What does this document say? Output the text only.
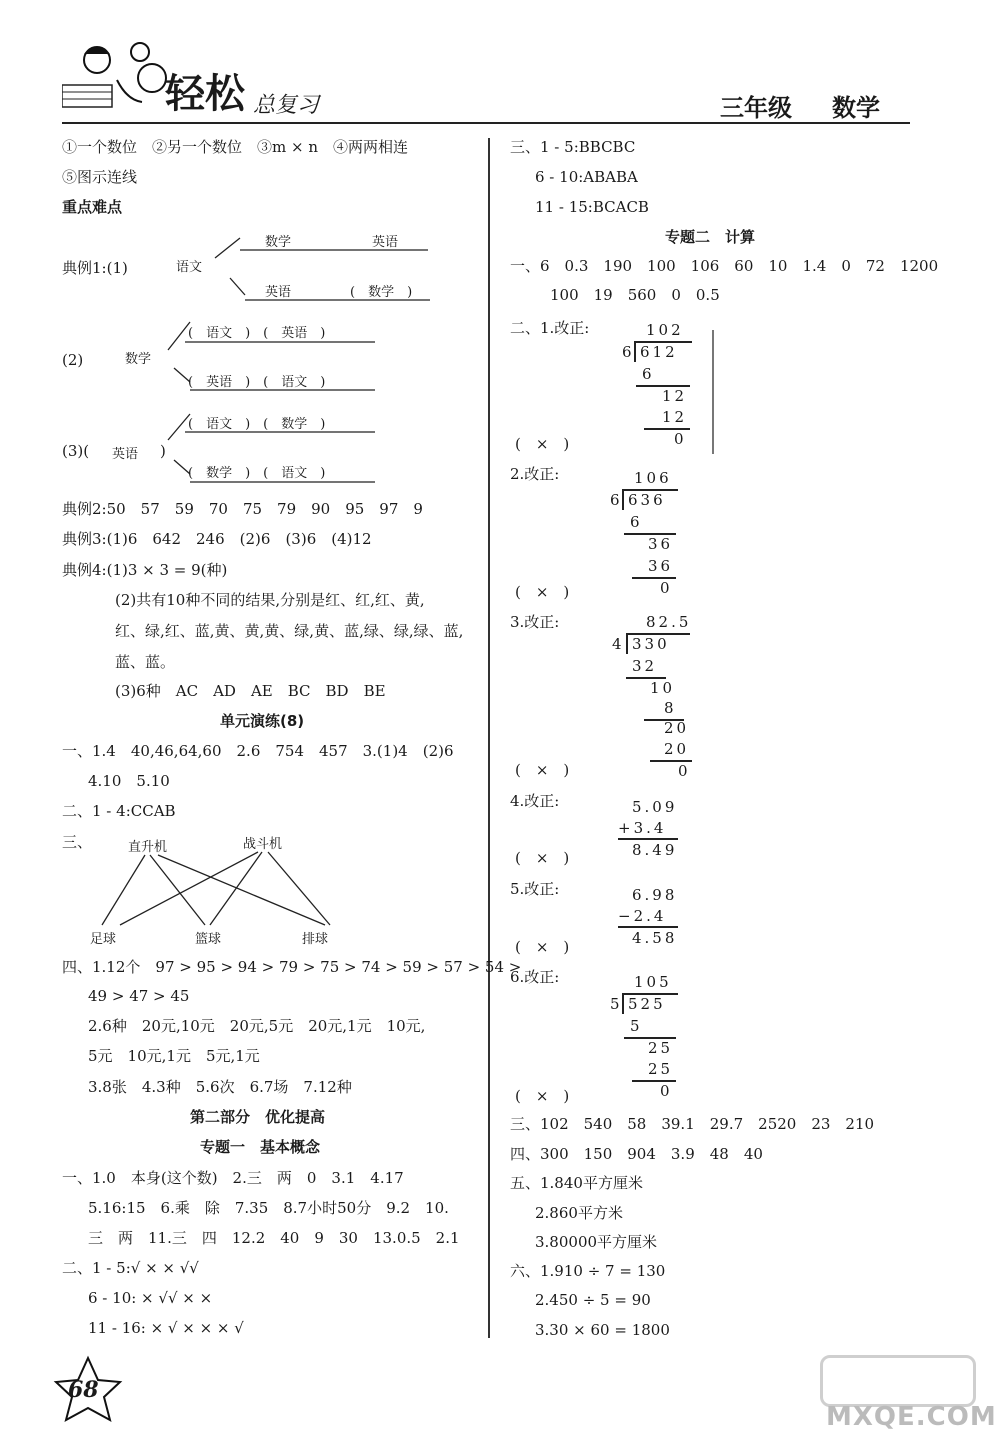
轻松 总复习	三年级 数学
①一个数位　②另一个数位　③m × n　④两两相连
⑤图示连线
重点难点
典例1:(1)	语文
数学	英语
英语	(　数学　)
(2)	数学
(　语文　)　(　英语　)
(　英语　)　(　语文　)
(3)( 英语 )
(　语文　)　(　数学　)
(　数学　)　(　语文　)
典例2:50　57　59　70　75　79　90　95　97　9
典例3:(1)6　642　246　(2)6　(3)6　(4)12
典例4:(1)3 × 3 = 9(种)
(2)共有10种不同的结果,分别是红、红,红、黄,
红、绿,红、蓝,黄、黄,黄、绿,黄、蓝,绿、绿,绿、蓝,
蓝、蓝。
(3)6种　AC　AD　AE　BC　BD　BE
单元演练(8)
一、1.4　40,46,64,60　2.6　754　457　3.(1)4　(2)6
4.10　5.10
二、1 - 4:CCAB
三、	直升机	战斗机
足球	篮球	排球
四、1.12个　97 > 95 > 94 > 79 > 75 > 74 > 59 > 57 > 54 >
49 > 47 > 45
2.6种　20元,10元　20元,5元　20元,1元　10元,
5元　10元,1元　5元,1元
3.8张　4.3种　5.6次　6.7场　7.12种
第二部分　优化提高
专题一　基本概念
一、1.0　本身(这个数)　2.三　两　0　3.1　4.17
5.16:15　6.乘　除　7.35　8.7小时50分　9.2　10.
三　两　11.三　四　12.2　40　9　30　13.0.5　2.1
二、1 - 5:√ × × √√
6 - 10: × √√ × ×
11 - 16: × √ × × × √
68
三、1 - 5:BBCBC
6 - 10:ABABA
11 - 15:BCACB
专题二　计算
一、6　0.3　190　100　106　60　10　1.4　0　72　1200
100　19　560　0　0.5
二、1.改正:	102
6 612
6
12
12
0
(　×　)
2.改正:	106
6 636
6
36
36
0
(　×　)
3.改正:	82.5
4 330
32
10
8
20
20
0
(　×　)
4.改正:	5.09
+3.4
8.49
(　×　)
5.改正:	6.98
−2.4
4.58
(　×　)
6.改正:	105
5 525
5
25
25
0
(　×　)
三、102　540　58　39.1　29.7　2520　23　210
四、300　150　904　3.9　48　40
五、1.840平方厘米
2.860平方米
3.80000平方厘米
六、1.910 ÷ 7 = 130
2.450 ÷ 5 = 90
3.30 × 60 = 1800
MXQE.COM
